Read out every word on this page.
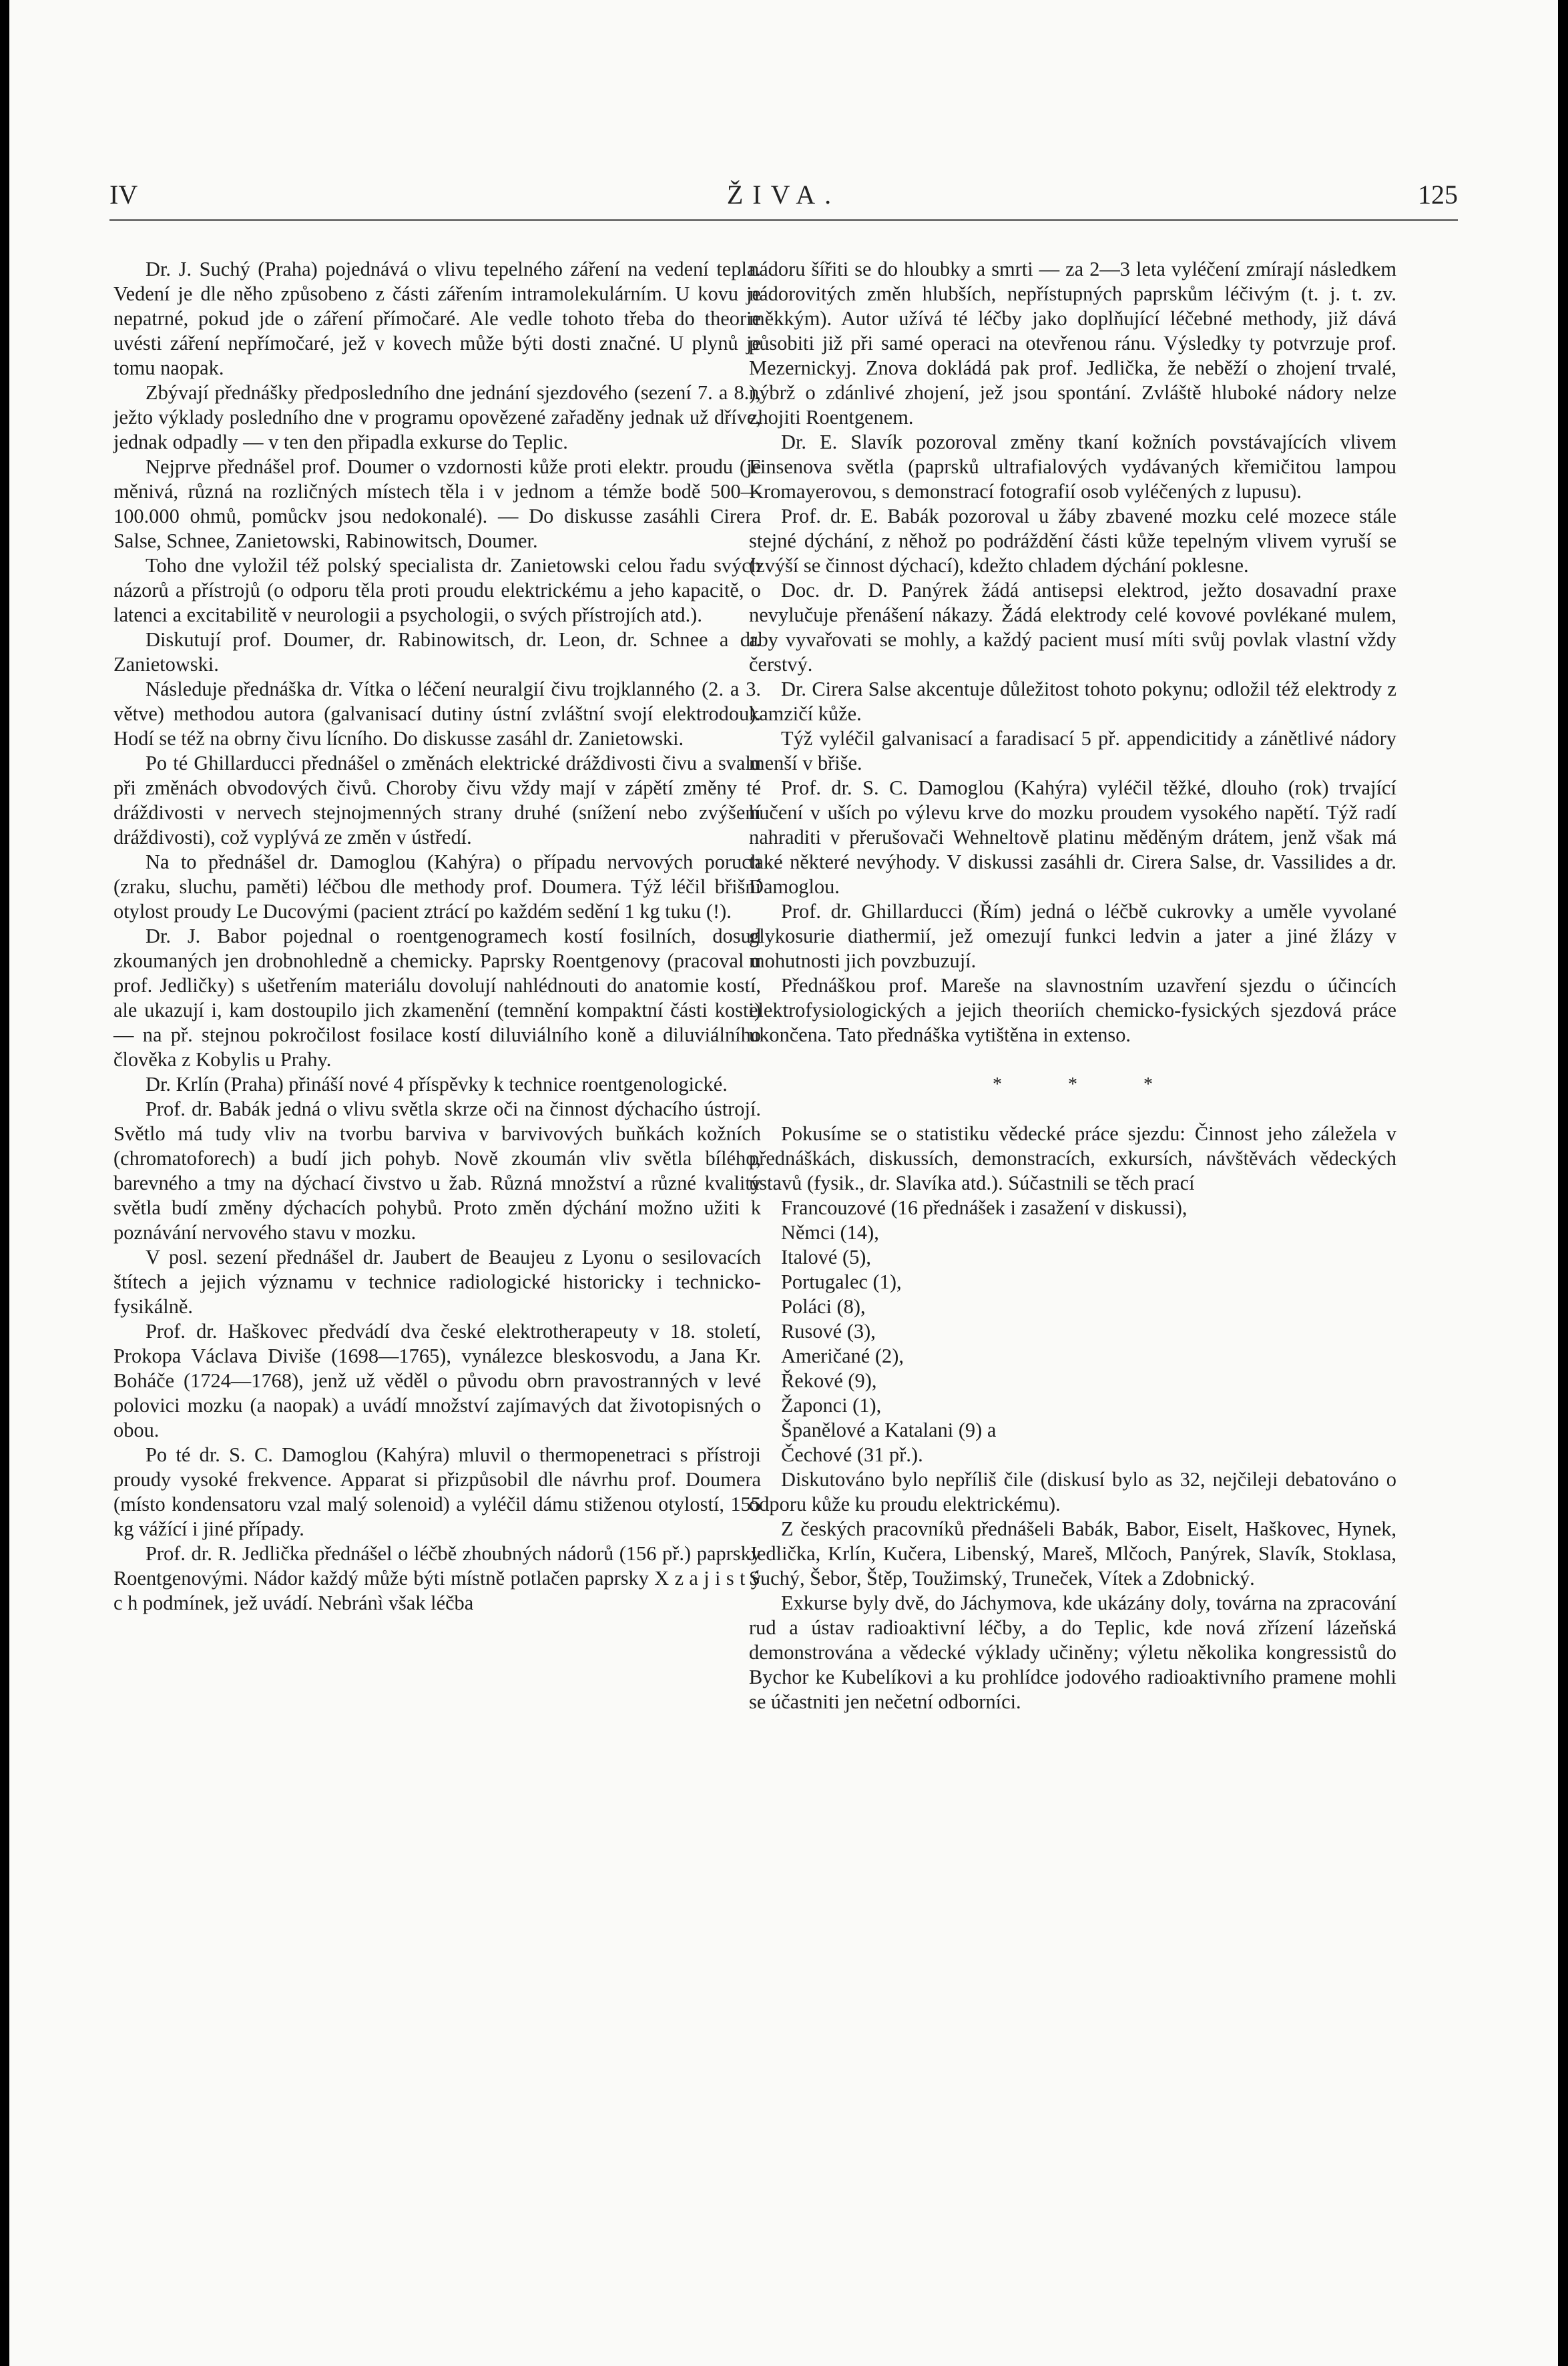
IV	ŽIVA.	125

Dr. J. Suchý (Praha) pojednává o vlivu tepelného záření na vedení tepla. Vedení je dle něho způsobeno z části zářením intramolekulárním. U kovu je nepatrné, pokud jde o záření přímočaré. Ale vedle tohoto třeba do theorie uvésti záření nepřímočaré, jež v kovech může býti dosti značné. U plynů je tomu naopak.

Zbývají přednášky předposledního dne jednání sjezdového (sezení 7. a 8.), ježto výklady posledního dne v programu opovězené zařaděny jednak už dříve, jednak odpadly — v ten den připadla exkurse do Teplic.

Nejprve přednášel prof. Doumer o vzdornosti kůže proti elektr. proudu (je měnivá, různá na rozličných místech těla i v jednom a témže bodě 500—100.000 ohmů, pomůckv jsou nedokonalé). — Do diskusse zasáhli Cirera Salse, Schnee, Zanietowski, Rabinowitsch, Doumer.

Toho dne vyložil též polský specialista dr. Zanietowski celou řadu svých názorů a přístrojů (o odporu těla proti proudu elektrickému a jeho kapacitě, o latenci a excitabilitě v neurologii a psychologii, o svých přístrojích atd.).

Diskutují prof. Doumer, dr. Rabinowitsch, dr. Leon, dr. Schnee a dr. Zanietowski.

Následuje přednáška dr. Vítka o léčení neuralgií čivu trojklanného (2. a 3. větve) methodou autora (galvanisací dutiny ústní zvláštní svojí elektrodou). Hodí se též na obrny čivu lícního. Do diskusse zasáhl dr. Zanietowski.

Po té Ghillarducci přednášel o změnách elektrické dráždivosti čivu a svalu při změnách obvodových čivů. Choroby čivu vždy mají v zápětí změny té dráždivosti v nervech stejnojmenných strany druhé (snížení nebo zvýšení dráždivosti), což vyplývá ze změn v ústředí.

Na to přednášel dr. Damoglou (Kahýra) o případu nervových poruch (zraku, sluchu, paměti) léčbou dle methody prof. Doumera. Týž léčil břišní otylost proudy Le Ducovými (pacient ztrácí po každém sedění 1 kg tuku (!).

Dr. J. Babor pojednal o roentgenogramech kostí fosilních, dosud zkoumaných jen drobnohledně a chemicky. Paprsky Roentgenovy (pracoval u prof. Jedličky) s ušetřením materiálu dovolují nahlédnouti do anatomie kostí, ale ukazují i, kam dostoupilo jich zkamenění (temnění kompaktní části kosti) — na př. stejnou pokročilost fosilace kostí diluviálního koně a diluviálního člověka z Kobylis u Prahy.

Dr. Krlín (Praha) přináší nové 4 příspěvky k technice roentgenologické.

Prof. dr. Babák jedná o vlivu světla skrze oči na činnost dýchacího ústrojí. Světlo má tudy vliv na tvorbu barviva v barvivových buňkách kožních (chromatoforech) a budí jich pohyb. Nově zkoumán vliv světla bílého, barevného a tmy na dýchací čivstvo u žab. Různá množství a různé kvality světla budí změny dýchacích pohybů. Proto změn dýchání možno užiti k poznávání nervového stavu v mozku.

V posl. sezení přednášel dr. Jaubert de Beaujeu z Lyonu o sesilovacích štítech a jejich významu v technice radiologické historicky i technicko-fysikálně.

Prof. dr. Haškovec předvádí dva české elektrotherapeuty v 18. století, Prokopa Václava Diviše (1698—1765), vynálezce bleskosvodu, a Jana Kr. Boháče (1724—1768), jenž už věděl o původu obrn pravostranných v levé polovici mozku (a naopak) a uvádí množství zajímavých dat životopisných o obou.

Po té dr. S. C. Damoglou (Kahýra) mluvil o thermopenetraci s přístroji proudy vysoké frekvence. Apparat si přizpůsobil dle návrhu prof. Doumera (místo kondensatoru vzal malý solenoid) a vyléčil dámu stiženou otylostí, 155 kg vážící i jiné případy.

Prof. dr. R. Jedlička přednášel o léčbě zhoubných nádorů (156 př.) paprsky Roentgenovými. Nádor každý může býti místně potlačen paprsky X z a j i s t ý c h podmínek, jež uvádí. Nebránì však léčba

nádoru šířiti se do hloubky a smrti — za 2—3 leta vyléčení zmírají následkem nádorovitých změn hlubších, nepřístupných paprskům léčivým (t. j. t. zv. měkkým). Autor užívá té léčby jako doplňující léčebné methody, již dává působiti již při samé operaci na otevřenou ránu. Výsledky ty potvrzuje prof. Mezernickyj. Znova dokládá pak prof. Jedlička, že neběží o zhojení trvalé, nýbrž o zdánlivé zhojení, jež jsou spontání. Zvláště hluboké nádory nelze zhojiti Roentgenem.

Dr. E. Slavík pozoroval změny tkaní kožních povstávajících vlivem Finsenova světla (paprsků ultrafialových vydávaných křemičitou lampou Kromayerovou, s demonstrací fotografií osob vyléčených z lupusu).

Prof. dr. E. Babák pozoroval u žáby zbavené mozku celé mozece stále stejné dýchání, z něhož po podráždění části kůže tepelným vlivem vyruší se (zvýší se činnost dýchací), kdežto chladem dýchání poklesne.

Doc. dr. D. Panýrek žádá antisepsi elektrod, ježto dosavadní praxe nevylučuje přenášení nákazy. Žádá elektrody celé kovové povlékané mulem, aby vyvařovati se mohly, a každý pacient musí míti svůj povlak vlastní vždy čerstvý.

Dr. Cirera Salse akcentuje důležitost tohoto pokynu; odložil též elektrody z kamzičí kůže.

Týž vyléčil galvanisací a faradisací 5 př. appendicitidy a zánětlivé nádory menší v břiše.

Prof. dr. S. C. Damoglou (Kahýra) vyléčil těžké, dlouho (rok) trvající hučení v uších po výlevu krve do mozku proudem vysokého napětí. Týž radí nahraditi v přerušovači Wehneltově platinu měděným drátem, jenž však má také některé nevýhody. V diskussi zasáhli dr. Cirera Salse, dr. Vassilides a dr. Damoglou.

Prof. dr. Ghillarducci (Řím) jedná o léčbě cukrovky a uměle vyvolané glykosurie diathermií, jež omezují funkci ledvin a jater a jiné žlázy v mohutnosti jich povzbuzují.

Přednáškou prof. Mareše na slavnostním uzavření sjezdu o účincích elektrofysiologických a jejich theoriích chemicko-fysických sjezdová práce ukončena. Tato přednáška vytištěna in extenso.

* * *

Pokusíme se o statistiku vědecké práce sjezdu: Činnost jeho záležela v přednáškách, diskussích, demonstracích, exkursích, návštěvách vědeckých ústavů (fysik., dr. Slavíka atd.). Súčastnili se těch prací

Francouzové (16 přednášek i zasažení v diskussi),
Němci (14),
Italové (5),
Portugalec (1),
Poláci (8),
Rusové (3),
Američané (2),
Řekové (9),
Žaponci (1),
Španělové a Katalani (9) a
Čechové (31 př.).

Diskutováno bylo nepříliš čile (diskusí bylo as 32, nejčileji debatováno o odporu kůže ku proudu elektrickému).

Z českých pracovníků přednášeli Babák, Babor, Eiselt, Haškovec, Hynek, Jedlička, Krlín, Kučera, Libenský, Mareš, Mlčoch, Panýrek, Slavík, Stoklasa, Suchý, Šebor, Štěp, Toužimský, Truneček, Vítek a Zdobnický.

Exkurse byly dvě, do Jáchymova, kde ukázány doly, továrna na zpracování rud a ústav radioaktivní léčby, a do Teplic, kde nová zřízení lázeňská demonstrována a vědecké výklady učiněny; výletu několika kongressistů do Bychor ke Kubelíkovi a ku prohlídce jodového radioaktivního pramene mohli se účastniti jen nečetní odborníci.
